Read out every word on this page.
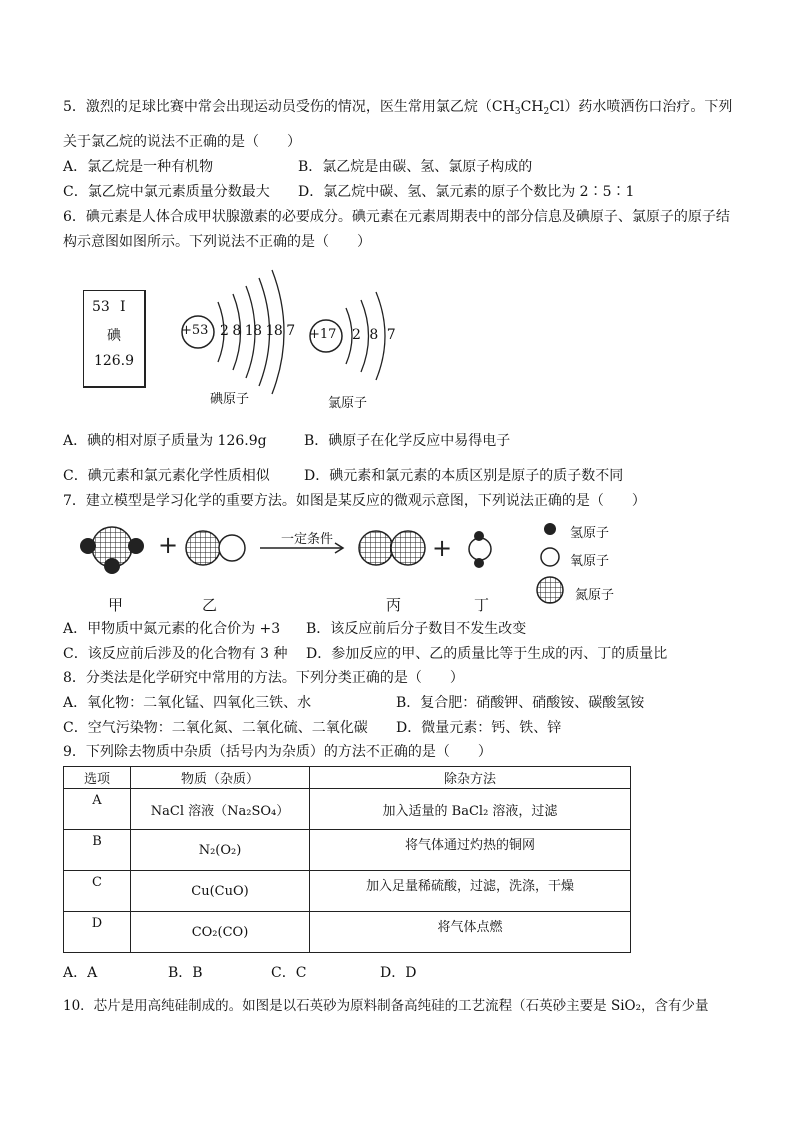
5．激烈的足球比赛中常会出现运动员受伤的情况，医生常用氯乙烷$(CH_3CH_2Cl)$药水喷洒伤口治疗。下列
关于氯乙烷的说法不正确的是（　　）
A．氯乙烷是一种有机物	B．氯乙烷是由碳、氢、氯原子构成的
C．氯乙烷中氯元素质量分数最大 D．氯乙烷中碳、氢、氯元素的原子个数比为 2∶5∶1
6．碘元素是人体合成甲状腺激素的必要成分。碘元素在元素周期表中的部分信息及碘原子、氯原子的原子结
构示意图如图所示。下列说法不正确的是（　　）
53 I
碘
126.9
+53 2 8 18 18 7
碘原子
+17 2 8 7
氯原子
A．碘的相对原子质量为 126.9g	B．碘原子在化学反应中易得电子
C．碘元素和氯元素化学性质相似 D．碘元素和氯元素的本质区别是原子的质子数不同
7．建立模型是学习化学的重要方法。如图是某反应的微观示意图，下列说法正确的是（　　）
+	+
一定条件
甲	乙	丙	丁
氢原子
氧原子
氮原子
A．甲物质中氮元素的化合价为 +3 B．该反应前后分子数目不发生改变
C．该反应前后涉及的化合物有 3 种 D．参加反应的甲、乙的质量比等于生成的丙、丁的质量比
8．分类法是化学研究中常用的方法。下列分类正确的是（　　）
A．氧化物：二氧化锰、四氧化三铁、水	B．复合肥：硝酸钾、硝酸铵、碳酸氢铵
C．空气污染物：二氧化氮、二氧化硫、二氧化碳 D．微量元素：钙、铁、锌
9．下列除去物质中杂质（括号内为杂质）的方法不正确的是（　　）
选项	物质（杂质）	除杂方法
A	NaCl 溶液（Na₂SO₄）	加入适量的 BaCl₂ 溶液，过滤
B	N₂(O₂)	将气体通过灼热的铜网
C	Cu(CuO)	加入足量稀硫酸，过滤，洗涤，干燥
D	CO₂(CO)	将气体点燃
A．A	B．B	C．C	D．D
10．芯片是用高纯硅制成的。如图是以石英砂为原料制备高纯硅的工艺流程（石英砂主要是 SiO₂，含有少量
